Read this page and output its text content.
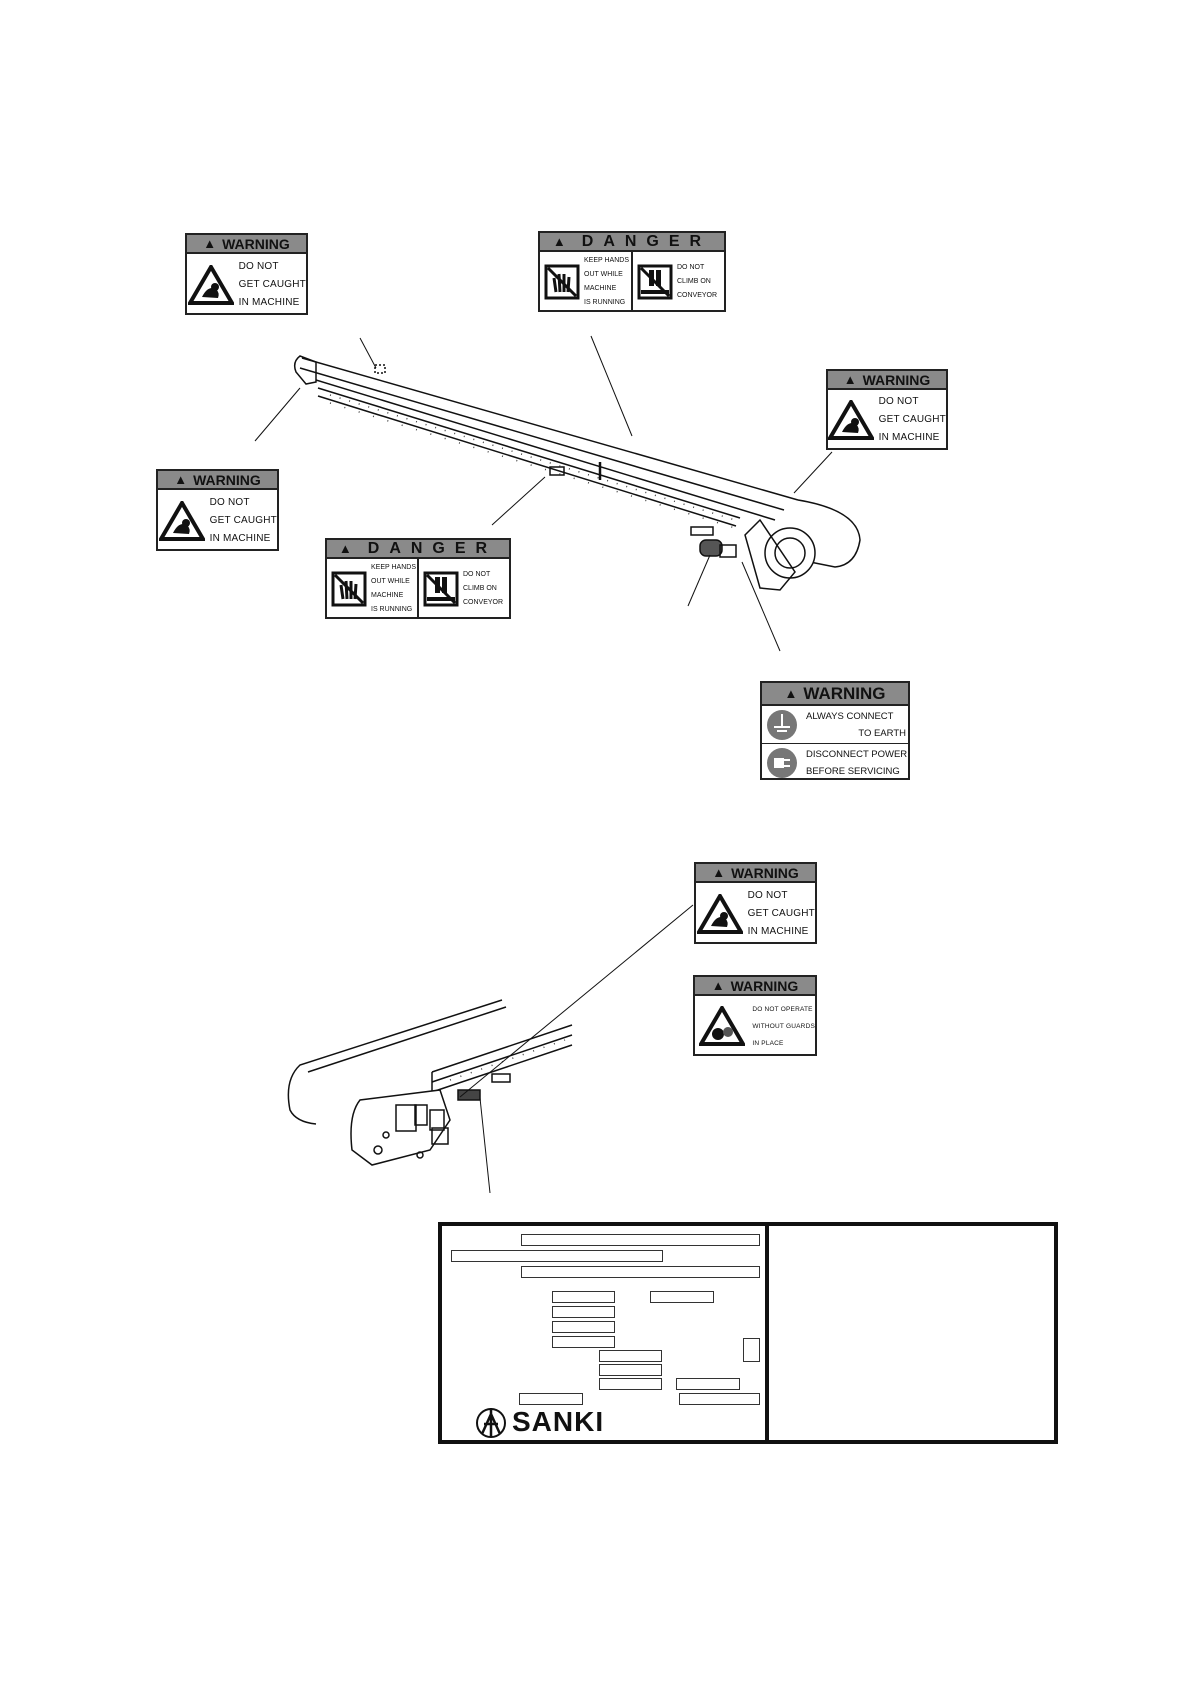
▲ WARNING
DO NOT
GET CAUGHT
IN MACHINE
▲ DANGER
KEEP HANDS
OUT WHILE
MACHINE
IS RUNNING
DO NOT
CLIMB ON
CONVEYOR
▲ WARNING
DO NOT
GET CAUGHT
IN MACHINE
▲ WARNING
DO NOT
GET CAUGHT
IN MACHINE
▲ DANGER
KEEP HANDS
OUT WHILE
MACHINE
IS RUNNING
DO NOT
CLIMB ON
CONVEYOR
▲ WARNING
ALWAYS CONNECT
TO EARTH
DISCONNECT POWER
BEFORE SERVICING
▲ WARNING
DO NOT
GET CAUGHT
IN MACHINE
▲ WARNING
DO NOT OPERATE
WITHOUT GUARDS
IN PLACE
SANKI
